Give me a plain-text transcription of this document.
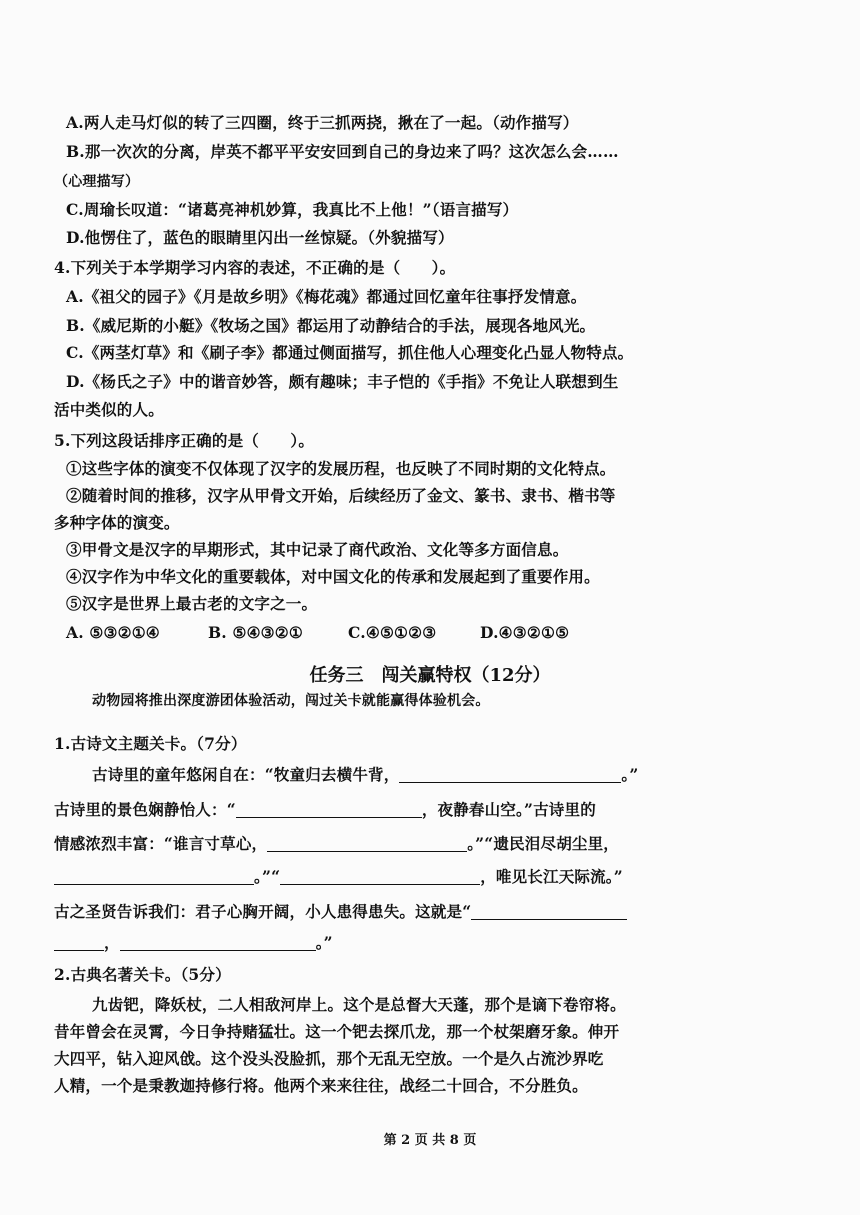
A.两人走马灯似的转了三四圈，终于三抓两挠，揪在了一起。（动作描写）
B.那一次次的分离，岸英不都平平安安回到自己的身边来了吗？这次怎么会……
（心理描写）
C.周瑜长叹道：“诸葛亮神机妙算，我真比不上他！”（语言描写）
D.他愣住了，蓝色的眼睛里闪出一丝惊疑。（外貌描写）
4.下列关于本学期学习内容的表述，不正确的是（　　）。
A.《祖父的园子》《月是故乡明》《梅花魂》都通过回忆童年往事抒发情意。
B.《威尼斯的小艇》《牧场之国》都运用了动静结合的手法，展现各地风光。
C.《两茎灯草》和《刷子李》都通过侧面描写，抓住他人心理变化凸显人物特点。
D.《杨氏之子》中的谐音妙答，颇有趣味；丰子恺的《手指》不免让人联想到生
活中类似的人。
5.下列这段话排序正确的是（　　）。
①这些字体的演变不仅体现了汉字的发展历程，也反映了不同时期的文化特点。
②随着时间的推移，汉字从甲骨文开始，后续经历了金文、篆书、隶书、楷书等
多种字体的演变。
③甲骨文是汉字的早期形式，其中记录了商代政治、文化等多方面信息。
④汉字作为中华文化的重要载体，对中国文化的传承和发展起到了重要作用。
⑤汉字是世界上最古老的文字之一。
A. ⑤③②①④	B. ⑤④③②①	C.④⑤①②③	D.④③②①⑤
任务三　闯关赢特权（12分）
动物园将推出深度游团体验活动，闯过关卡就能赢得体验机会。
1.古诗文主题关卡。（7分）
古诗里的童年悠闲自在：“牧童归去横牛背，	。”
古诗里的景色娴静怡人：“	，夜静春山空。”古诗里的
情感浓烈丰富：“谁言寸草心，	。”“遗民泪尽胡尘里，
。”“	，唯见长江天际流。”
古之圣贤告诉我们：君子心胸开阔，小人患得患失。这就是“
，	。”
2.古典名著关卡。（5分）
九齿钯，降妖杖，二人相敌河岸上。这个是总督大天蓬，那个是谪下卷帘将。
昔年曾会在灵霄，今日争持赌猛壮。这一个钯去探爪龙，那一个杖架磨牙象。伸开
大四平，钻入迎风戗。这个没头没脸抓，那个无乱无空放。一个是久占流沙界吃
人精，一个是秉教迦持修行将。他两个来来往往，战经二十回合，不分胜负。
第 2 页 共 8 页
